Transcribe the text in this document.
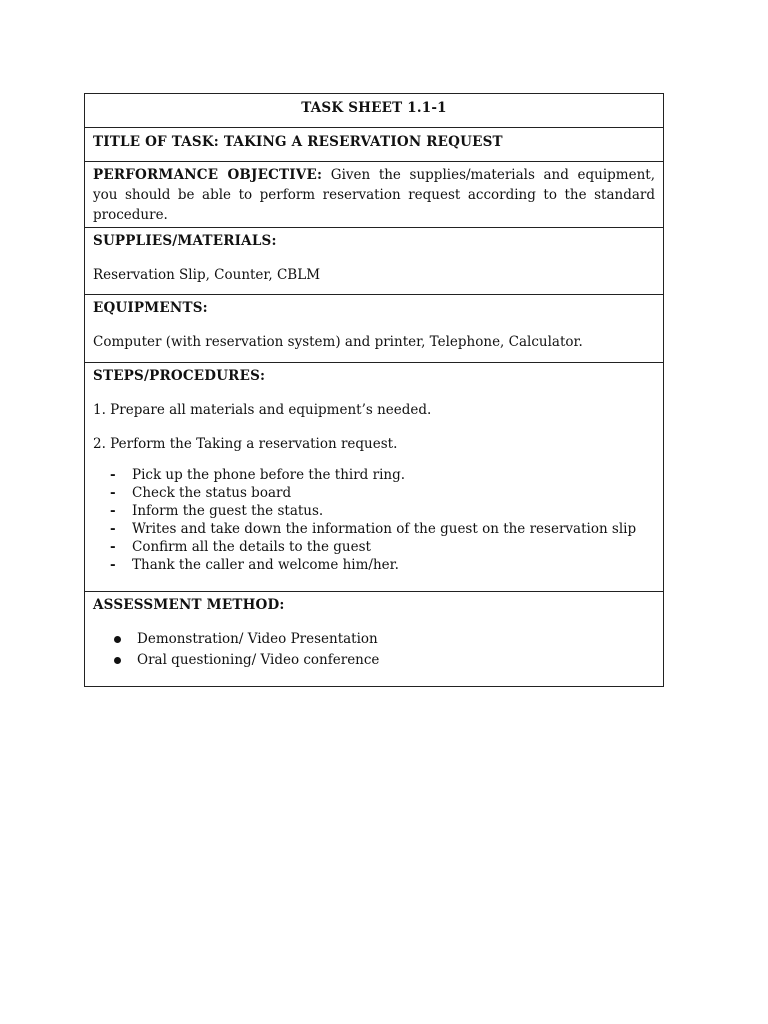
TASK SHEET 1.1-1

TITLE OF TASK: TAKING A RESERVATION REQUEST

PERFORMANCE OBJECTIVE: Given the supplies/materials and equipment, you should be able to perform reservation request according to the standard procedure.

SUPPLIES/MATERIALS:
Reservation Slip, Counter, CBLM

EQUIPMENTS:
Computer (with reservation system) and printer, Telephone, Calculator.

STEPS/PROCEDURES:
1. Prepare all materials and equipment’s needed.
2. Perform the Taking a reservation request.
- Pick up the phone before the third ring.
- Check the status board
- Inform the guest the status.
- Writes and take down the information of the guest on the reservation slip
- Confirm all the details to the guest
- Thank the caller and welcome him/her.

ASSESSMENT METHOD:
Demonstration/ Video Presentation
Oral questioning/ Video conference
